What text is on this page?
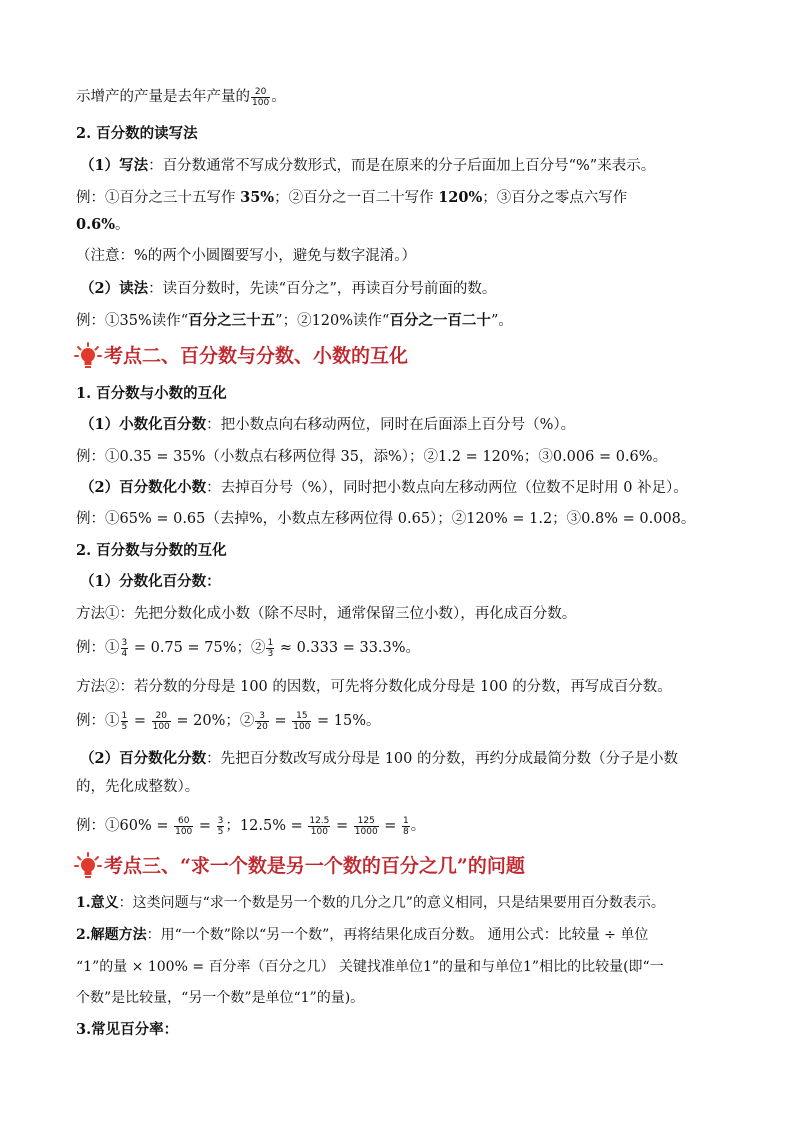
示增产的产量是去年产量的 $\frac{20}{100}$ 。
2. 百分数的读写法
（1）写法：百分数通常不写成分数形式，而是在原来的分子后面加上百分号“%”来表示。
例：①百分之三十五写作 35%；②百分之一百二十写作 120%；③百分之零点六写作
0.6%。
（注意：%的两个小圆圈要写小，避免与数字混淆。）
（2）读法：读百分数时，先读“百分之”，再读百分号前面的数。
例：①35%读作“百分之三十五”；②120%读作“百分之一百二十”。
考点二、百分数与分数、小数的互化
1. 百分数与小数的互化
（1）小数化百分数：把小数点向右移动两位，同时在后面添上百分号（%）。
例：①0.35 = 35%（小数点右移两位得 35，添%）；②1.2 = 120%；③0.006 = 0.6%。
（2）百分数化小数：去掉百分号（%），同时把小数点向左移动两位（位数不足时用 0 补足）。
例：①65% = 0.65（去掉%，小数点左移两位得 0.65）；②120% = 1.2；③0.8% = 0.008。
2. 百分数与分数的互化
（1）分数化百分数：
方法①：先把分数化成小数（除不尽时，通常保留三位小数），再化成百分数。
例：① $\frac{3}{4} = 0.75 = 75\%$；② $\frac{1}{3} \approx 0.333 = 33.3\%$。
方法②：若分数的分母是 100 的因数，可先将分数化成分母是 100 的分数，再写成百分数。
例：① $\frac{1}{5} = \frac{20}{100} = 20\%$；② $\frac{3}{20} = \frac{15}{100} = 15\%$。
（2）百分数化分数：先把百分数改写成分母是 100 的分数，再约分成最简分数（分子是小数
的，先化成整数）。
例：①60% = $\frac{60}{100} = \frac{3}{5}$ ；$12.5\% = \frac{12.5}{100} = \frac{125}{1000} = \frac{1}{8}$ 。
考点三、“求一个数是另一个数的百分之几”的问题
1.意义：这类问题与“求一个数是另一个数的几分之几”的意义相同，只是结果要用百分数表示。
2.解题方法：用“一个数”除以“另一个数”，再将结果化成百分数。 通用公式：比较量 ÷ 单位
“1”的量 × 100% = 百分率（百分之几） 关键找准单位1”的量和与单位1”相比的比较量(即“一
个数”是比较量，“另一个数”是单位“1”的量)。
3.常见百分率：
